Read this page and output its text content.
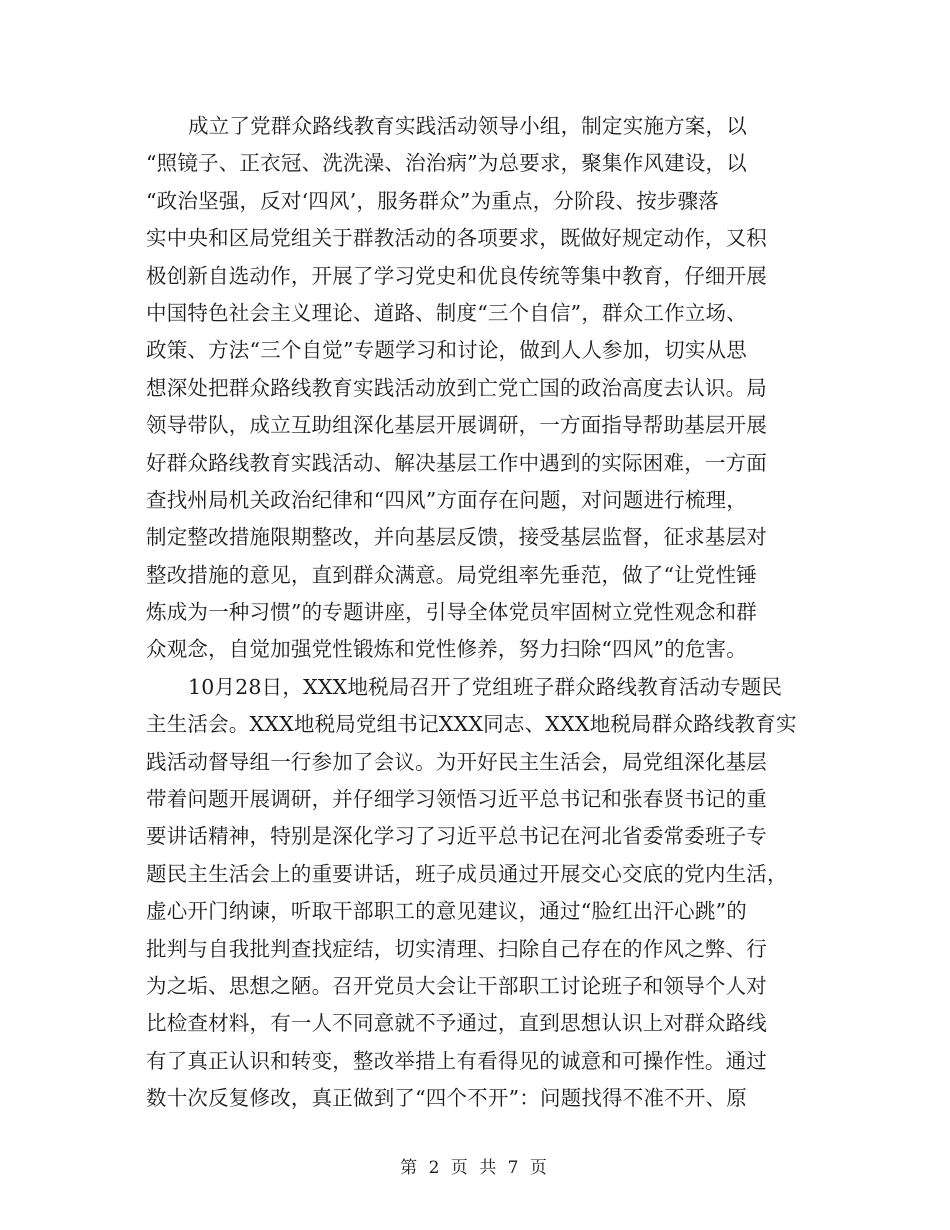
成立了党群众路线教育实践活动领导小组，制定实施方案，以
“照镜子、正衣冠、洗洗澡、治治病”为总要求，聚集作风建设，以
“政治坚强，反对‘四风’，服务群众”为重点，分阶段、按步骤落
实中央和区局党组关于群教活动的各项要求，既做好规定动作，又积
极创新自选动作，开展了学习党史和优良传统等集中教育，仔细开展
中国特色社会主义理论、道路、制度“三个自信”，群众工作立场、
政策、方法“三个自觉”专题学习和讨论，做到人人参加，切实从思
想深处把群众路线教育实践活动放到亡党亡国的政治高度去认识。局
领导带队，成立互助组深化基层开展调研，一方面指导帮助基层开展
好群众路线教育实践活动、解决基层工作中遇到的实际困难，一方面
查找州局机关政治纪律和“四风”方面存在问题，对问题进行梳理，
制定整改措施限期整改，并向基层反馈，接受基层监督，征求基层对
整改措施的意见，直到群众满意。局党组率先垂范，做了“让党性锤
炼成为一种习惯”的专题讲座，引导全体党员牢固树立党性观念和群
众观念，自觉加强党性锻炼和党性修养，努力扫除“四风”的危害。
10月28日，XXX地税局召开了党组班子群众路线教育活动专题民
主生活会。XXX地税局党组书记XXX同志、XXX地税局群众路线教育实
践活动督导组一行参加了会议。为开好民主生活会，局党组深化基层
带着问题开展调研，并仔细学习领悟习近平总书记和张春贤书记的重
要讲话精神，特别是深化学习了习近平总书记在河北省委常委班子专
题民主生活会上的重要讲话，班子成员通过开展交心交底的党内生活，
虚心开门纳谏，听取干部职工的意见建议，通过“脸红出汗心跳”的
批判与自我批判查找症结，切实清理、扫除自己存在的作风之弊、行
为之垢、思想之陋。召开党员大会让干部职工讨论班子和领导个人对
比检查材料，有一人不同意就不予通过，直到思想认识上对群众路线
有了真正认识和转变，整改举措上有看得见的诚意和可操作性。通过
数十次反复修改，真正做到了“四个不开”：问题找得不准不开、原
第 2 页 共 7 页
